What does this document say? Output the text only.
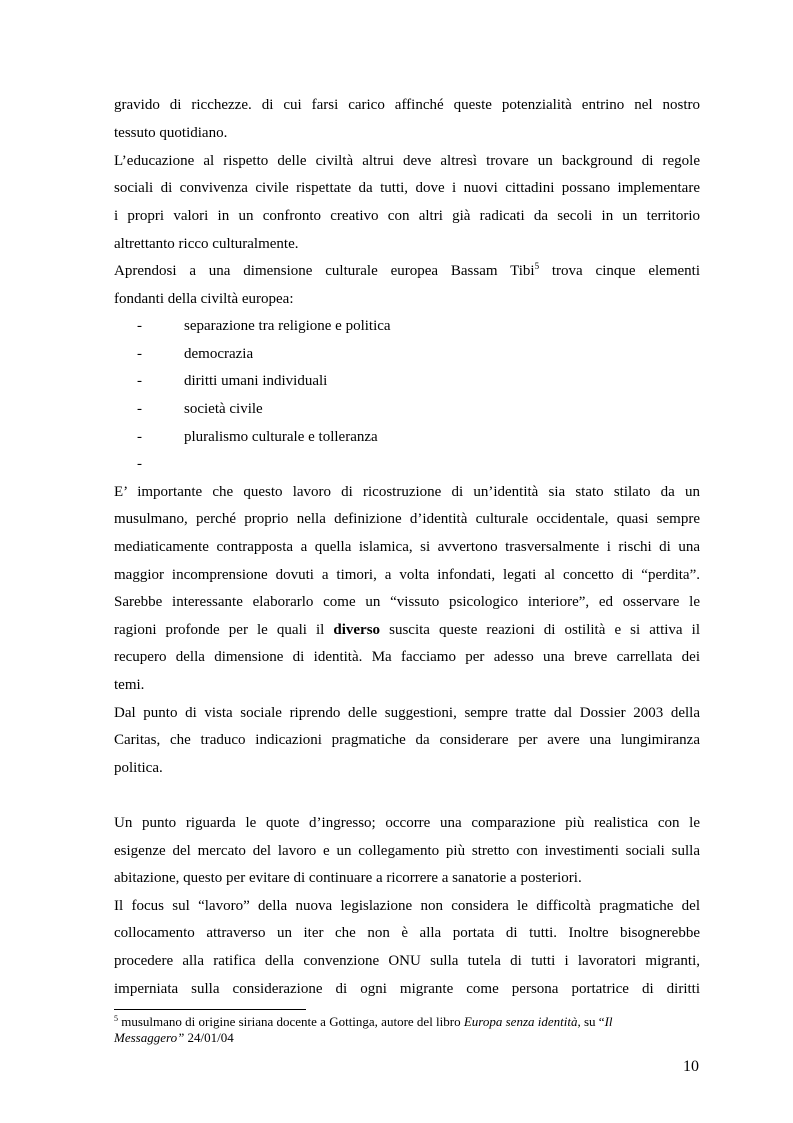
gravido di ricchezze. di cui farsi carico affinché queste potenzialità entrino nel nostro
tessuto quotidiano.
L’educazione al rispetto delle civiltà altrui deve altresì trovare un background di regole
sociali di convivenza civile rispettate da tutti, dove i nuovi cittadini possano implementare
i propri valori in un confronto creativo con altri già radicati da secoli in un territorio
altrettanto ricco culturalmente.
Aprendosi a una dimensione culturale europea Bassam Tibi$^5$ trova cinque elementi
fondanti della civiltà europea:
-	separazione tra religione e politica
-	democrazia
-	diritti umani individuali
-	società civile
-	pluralismo culturale e tolleranza
-
E’ importante che questo lavoro di ricostruzione di un’identità sia stato stilato da un
musulmano, perché proprio nella definizione d’identità culturale occidentale, quasi sempre
mediaticamente contrapposta a quella islamica, si avvertono trasversalmente i rischi di una
maggior incomprensione dovuti a timori, a volta infondati, legati al concetto di “perdita”.
Sarebbe interessante elaborarlo come un “vissuto psicologico interiore”, ed osservare le
ragioni profonde per le quali il diverso suscita queste reazioni di ostilità e si attiva il
recupero della dimensione di identità. Ma facciamo per adesso una breve carrellata dei
temi.
Dal punto di vista sociale riprendo delle suggestioni, sempre tratte dal Dossier 2003 della
Caritas, che traduco indicazioni pragmatiche da considerare per avere una lungimiranza
politica.
Un punto riguarda le quote d’ingresso; occorre una comparazione più realistica con le
esigenze del mercato del lavoro e un collegamento più stretto con investimenti sociali sulla
abitazione, questo per evitare di continuare a ricorrere a sanatorie a posteriori.
Il focus sul “lavoro” della nuova legislazione non considera le difficoltà pragmatiche del
collocamento attraverso un iter che non è alla portata di tutti. Inoltre bisognerebbe
procedere alla ratifica della convenzione ONU sulla tutela di tutti i lavoratori migranti,
imperniata sulla considerazione di ogni migrante come persona portatrice di diritti
$^5$ musulmano di origine siriana docente a Gottinga, autore del libro Europa senza identità, su “Il
Messaggero” 24/01/04
10
